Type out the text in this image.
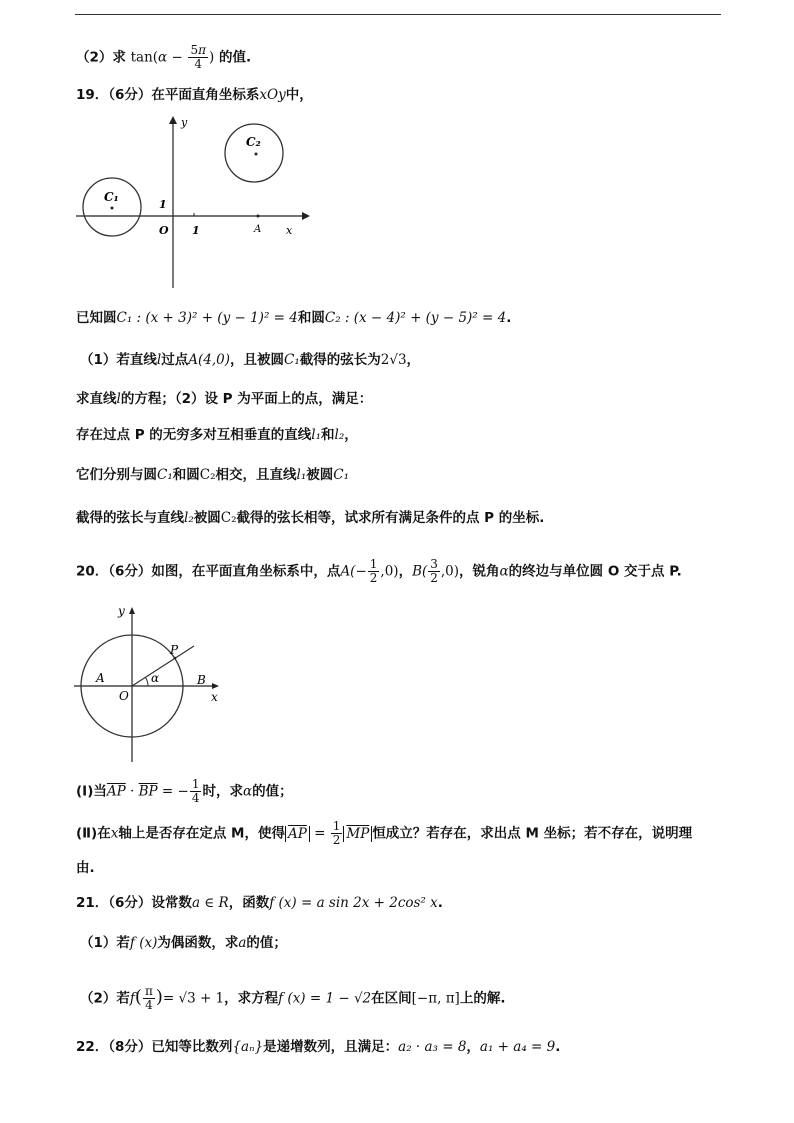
（2）求 $\tan(\alpha - \frac{5\pi}{4}$ ) 的值.
19．（6分）在平面直角坐标系xOy中，
y
x
O 1
1
A
C₁
C₂
已知圆C₁ : (x + 3)² + (y − 1)² = 4和圆C₂ : (x − 4)² + (y − 5)² = 4.
（1）若直线l过点A(4,0)，且被圆C₁截得的弦长为2√3，
求直线l的方程；（2）设 P 为平面上的点，满足：
存在过点 P 的无穷多对互相垂直的直线l₁和l₂，
它们分别与圆C₁和圆C₂相交，且直线l₁被圆C₁
截得的弦长与直线l₂被圆C₂截得的弦长相等，试求所有满足条件的点 P 的坐标.
20．（6分）如图，在平面直角坐标系中，点$A(- \frac{1}{2} ,0)$，$B( \frac{3}{2} ,0)$，锐角α的终边与单位圆 O 交于点 P.
y
x
O
A	B
P
α
(Ⅰ)当$\overline{AP} \cdot \overline{BP}$ = − $\frac{1}{4}$ 时，求α的值；
(Ⅱ)在x轴上是否存在定点 M，使得 $\overline{AP} = \frac{1}{2} \overline{MP}$ 恒成立？若存在，求出点 M 坐标；若不存在，说明理
由.
21．（6分）设常数a ∈ R，函数f (x) = a sin 2x + 2cos² x.
（1）若f (x)为偶函数，求a的值；
（2）若$f( \frac{\pi}{4}$ )= √3 + 1，求方程f (x) = 1 − √2在区间[−π, π]上的解.
22．（8分）已知等比数列{aₙ}是递增数列，且满足：a₂ · a₃ = 8，a₁ + a₄ = 9.
